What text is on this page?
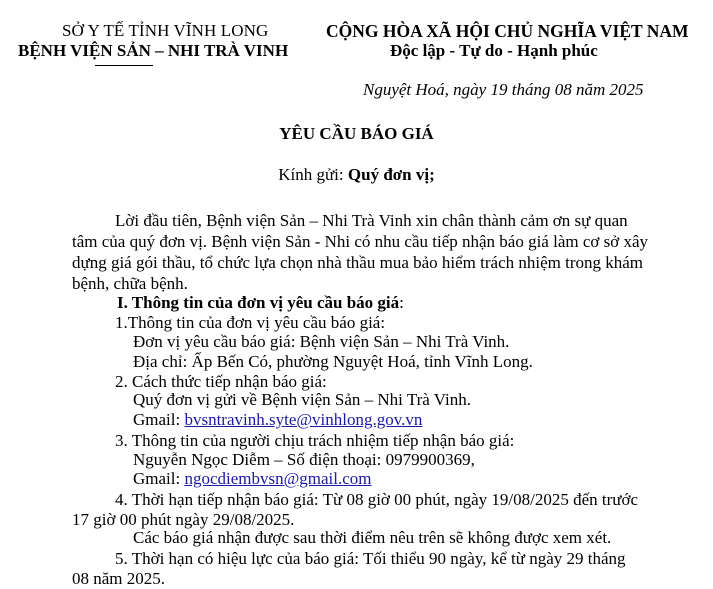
SỞ Y TẾ TỈNH VĨNH LONG
BỆNH VIỆN SẢN – NHI TRÀ VINH
CỘNG HÒA XÃ HỘI CHỦ NGHĨA VIỆT NAM
Độc lập - Tự do - Hạnh phúc
Nguyệt Hoá, ngày 19 tháng 08 năm 2025
YÊU CẦU BÁO GIÁ
Kính gửi: Quý đơn vị;
Lời đầu tiên, Bệnh viện Sản – Nhi Trà Vinh xin chân thành cảm ơn sự quan
tâm của quý đơn vị. Bệnh viện Sản - Nhi có nhu cầu tiếp nhận báo giá làm cơ sở xây
dựng giá gói thầu, tổ chức lựa chọn nhà thầu mua bảo hiểm trách nhiệm trong khám
bệnh, chữa bệnh.
I. Thông tin của đơn vị yêu cầu báo giá:
1.Thông tin của đơn vị yêu cầu báo giá:
Đơn vị yêu cầu báo giá: Bệnh viện Sản – Nhi Trà Vinh.
Địa chỉ: Ấp Bến Có, phường Nguyệt Hoá, tỉnh Vĩnh Long.
2. Cách thức tiếp nhận báo giá:
Quý đơn vị gửi về Bệnh viện Sản – Nhi Trà Vinh.
Gmail: bvsntravinh.syte@vinhlong.gov.vn
3. Thông tin của người chịu trách nhiệm tiếp nhận báo giá:
Nguyễn Ngọc Diễm – Số điện thoại: 0979900369,
Gmail: ngocdiembvsn@gmail.com
4. Thời hạn tiếp nhận báo giá: Từ 08 giờ 00 phút, ngày 19/08/2025 đến trước
17 giờ 00 phút ngày 29/08/2025.
Các báo giá nhận được sau thời điểm nêu trên sẽ không được xem xét.
5. Thời hạn có hiệu lực của báo giá: Tối thiểu 90 ngày, kể từ ngày 29 tháng
08 năm 2025.
